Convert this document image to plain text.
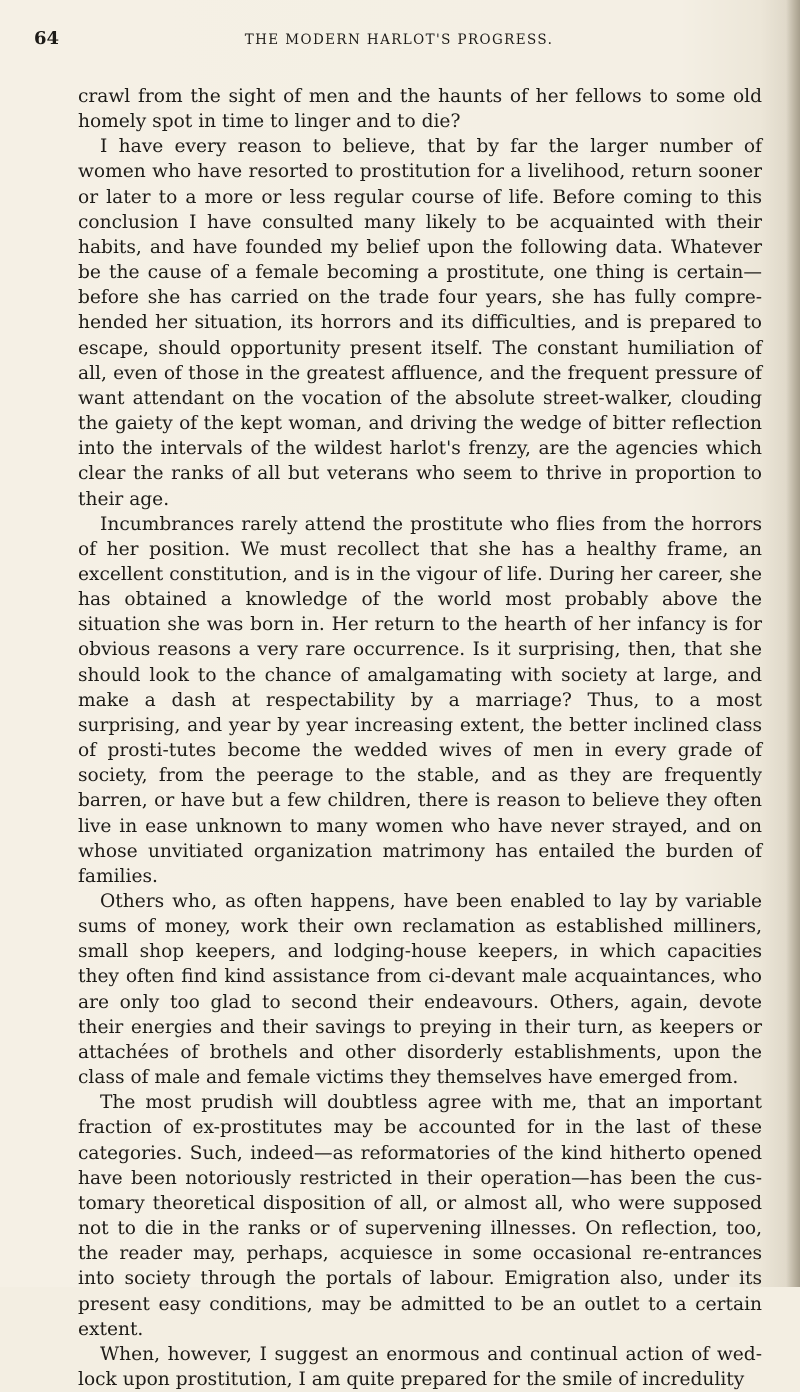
64	THE MODERN HARLOT'S PROGRESS.

crawl from the sight of men and the haunts of her fellows to some old homely spot in time to linger and to die?

I have every reason to believe, that by far the larger number of women who have resorted to prostitution for a livelihood, return sooner or later to a more or less regular course of life. Before coming to this conclusion I have consulted many likely to be acquainted with their habits, and have founded my belief upon the following data. Whatever be the cause of a female becoming a prostitute, one thing is certain— before she has carried on the trade four years, she has fully compre-hended her situation, its horrors and its difficulties, and is prepared to escape, should opportunity present itself. The constant humiliation of all, even of those in the greatest affluence, and the frequent pressure of want attendant on the vocation of the absolute street-walker, clouding the gaiety of the kept woman, and driving the wedge of bitter reflection into the intervals of the wildest harlot's frenzy, are the agencies which clear the ranks of all but veterans who seem to thrive in proportion to their age.

Incumbrances rarely attend the prostitute who flies from the horrors of her position. We must recollect that she has a healthy frame, an excellent constitution, and is in the vigour of life. During her career, she has obtained a knowledge of the world most probably above the situation she was born in. Her return to the hearth of her infancy is for obvious reasons a very rare occurrence. Is it surprising, then, that she should look to the chance of amalgamating with society at large, and make a dash at respectability by a marriage? Thus, to a most surprising, and year by year increasing extent, the better inclined class of prosti-tutes become the wedded wives of men in every grade of society, from the peerage to the stable, and as they are frequently barren, or have but a few children, there is reason to believe they often live in ease unknown to many women who have never strayed, and on whose unvitiated organization matrimony has entailed the burden of families.

Others who, as often happens, have been enabled to lay by variable sums of money, work their own reclamation as established milliners, small shop keepers, and lodging-house keepers, in which capacities they often find kind assistance from ci-devant male acquaintances, who are only too glad to second their endeavours. Others, again, devote their energies and their savings to preying in their turn, as keepers or attachées of brothels and other disorderly establishments, upon the class of male and female victims they themselves have emerged from.

The most prudish will doubtless agree with me, that an important fraction of ex-prostitutes may be accounted for in the last of these categories. Such, indeed—as reformatories of the kind hitherto opened have been notoriously restricted in their operation—has been the cus-tomary theoretical disposition of all, or almost all, who were supposed not to die in the ranks or of supervening illnesses. On reflection, too, the reader may, perhaps, acquiesce in some occasional re-entrances into society through the portals of labour. Emigration also, under its present easy conditions, may be admitted to be an outlet to a certain extent.

When, however, I suggest an enormous and continual action of wed-lock upon prostitution, I am quite prepared for the smile of incredulity
